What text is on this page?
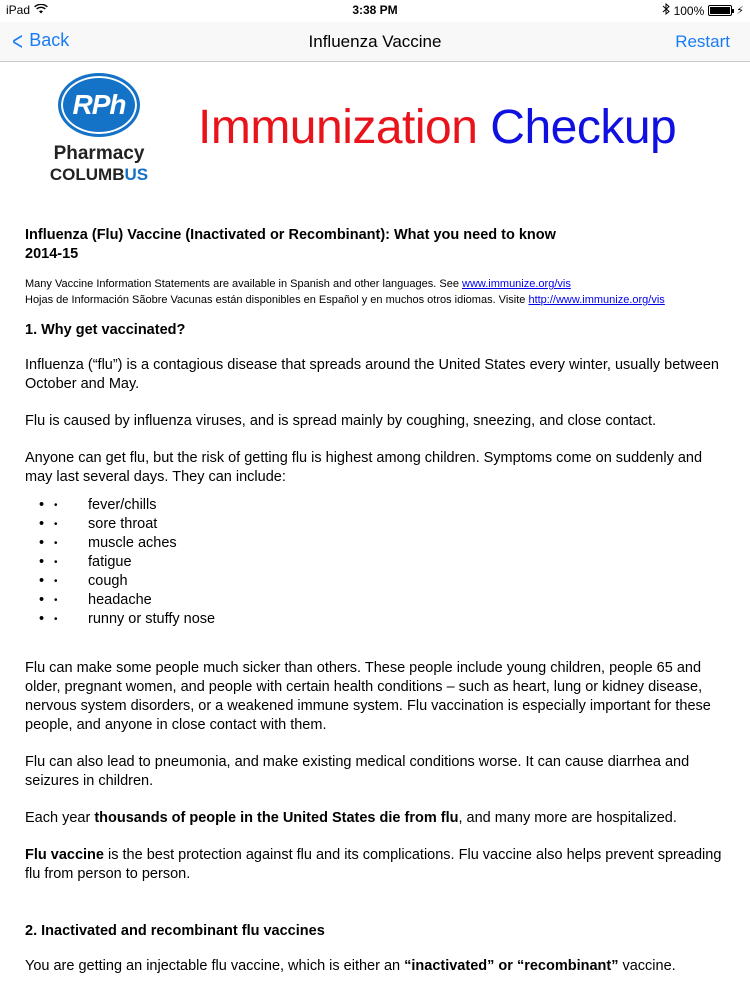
iPad	3:38 PM	100%	⚡
< Back	Influenza Vaccine	Restart
RPh
Pharmacy
COLUMBUS
Immunization Checkup
Influenza (Flu) Vaccine (Inactivated or Recombinant): What you need to know
2014-15
Many Vaccine Information Statements are available in Spanish and other languages. See www.immunize.org/vis
Hojas de Información Sãobre Vacunas están disponibles en Español y en muchos otros idiomas. Visite http://www.immunize.org/vis
1. Why get vaccinated?

Influenza (“flu”) is a contagious disease that spreads around the United States every winter, usually between October and May.

Flu is caused by influenza viruses, and is spread mainly by coughing, sneezing, and close contact.

Anyone can get flu, but the risk of getting flu is highest among children. Symptoms come on suddenly and may last several days. They can include:

• • fever/chills
• • sore throat
• • muscle aches
• • fatigue
• • cough
• • headache
• • runny or stuffy nose

Flu can make some people much sicker than others. These people include young children, people 65 and older, pregnant women, and people with certain health conditions – such as heart, lung or kidney disease, nervous system disorders, or a weakened immune system. Flu vaccination is especially important for these people, and anyone in close contact with them.

Flu can also lead to pneumonia, and make existing medical conditions worse. It can cause diarrhea and seizures in children.

Each year thousands of people in the United States die from flu, and many more are hospitalized.

Flu vaccine is the best protection against flu and its complications. Flu vaccine also helps prevent spreading flu from person to person.

2. Inactivated and recombinant flu vaccines

You are getting an injectable flu vaccine, which is either an “inactivated” or “recombinant” vaccine.
